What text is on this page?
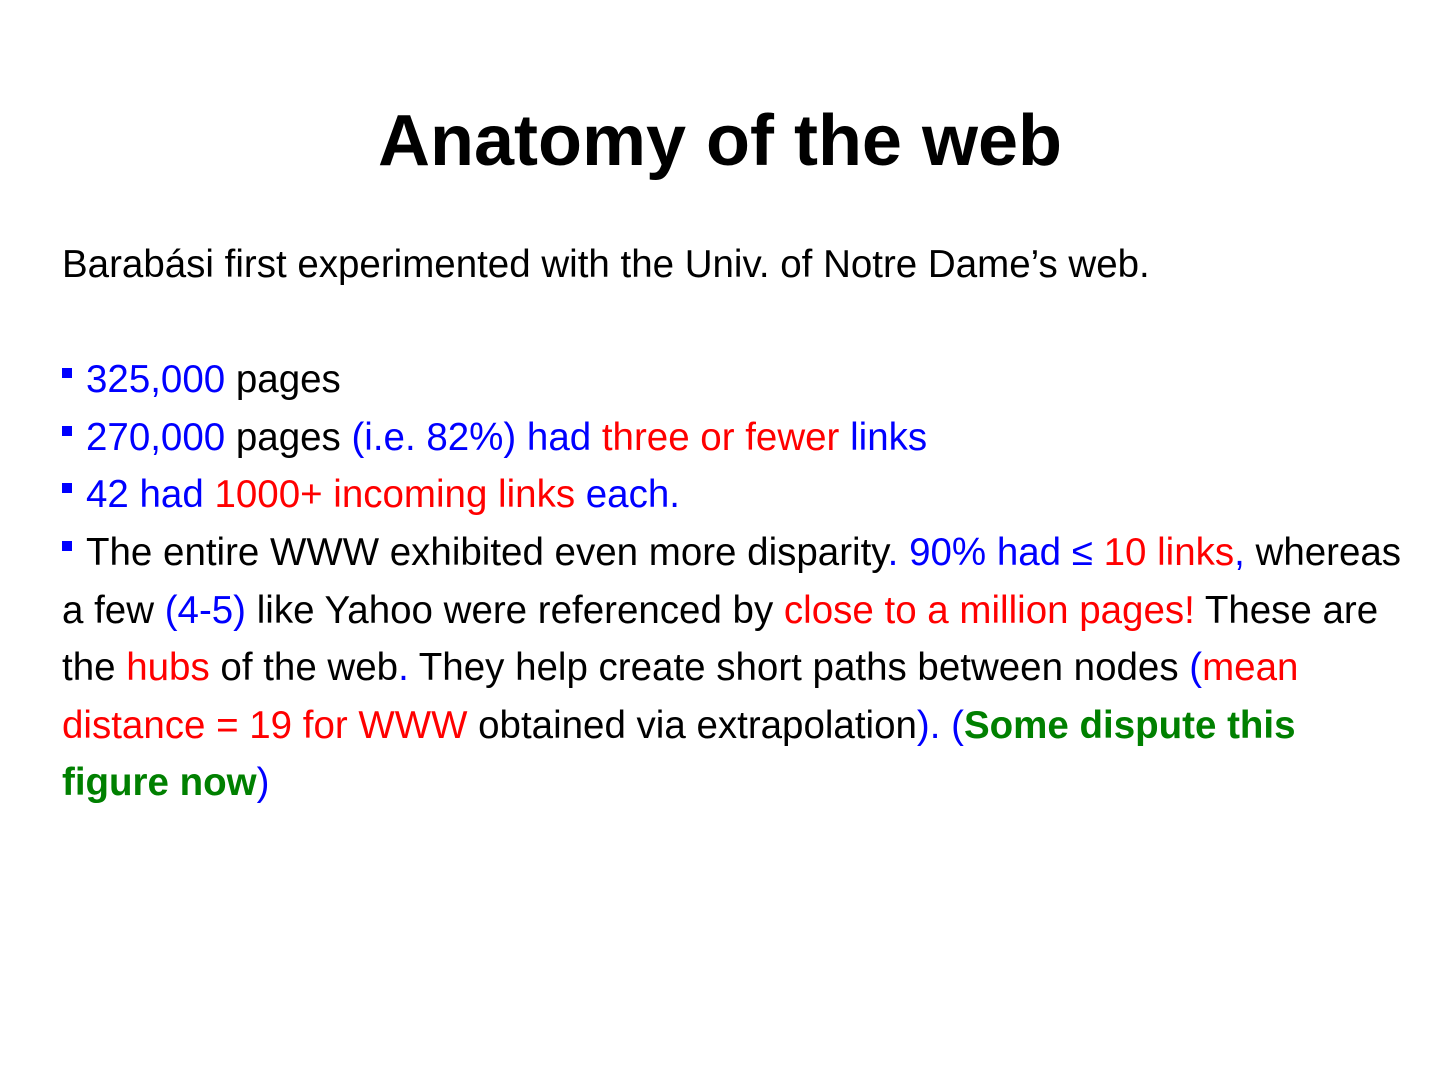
Anatomy of the web

Barabási first experimented with the Univ. of Notre Dame’s web.

325,000 pages

270,000 pages (i.e. 82%) had three or fewer links

42 had 1000+ incoming links each.

The entire WWW exhibited even more disparity. 90% had ≤ 10 links, whereas a few (4-5) like Yahoo were referenced by close to a million pages! These are the hubs of the web. They help create short paths between nodes (mean distance = 19 for WWW obtained via extrapolation). (Some dispute this figure now)
